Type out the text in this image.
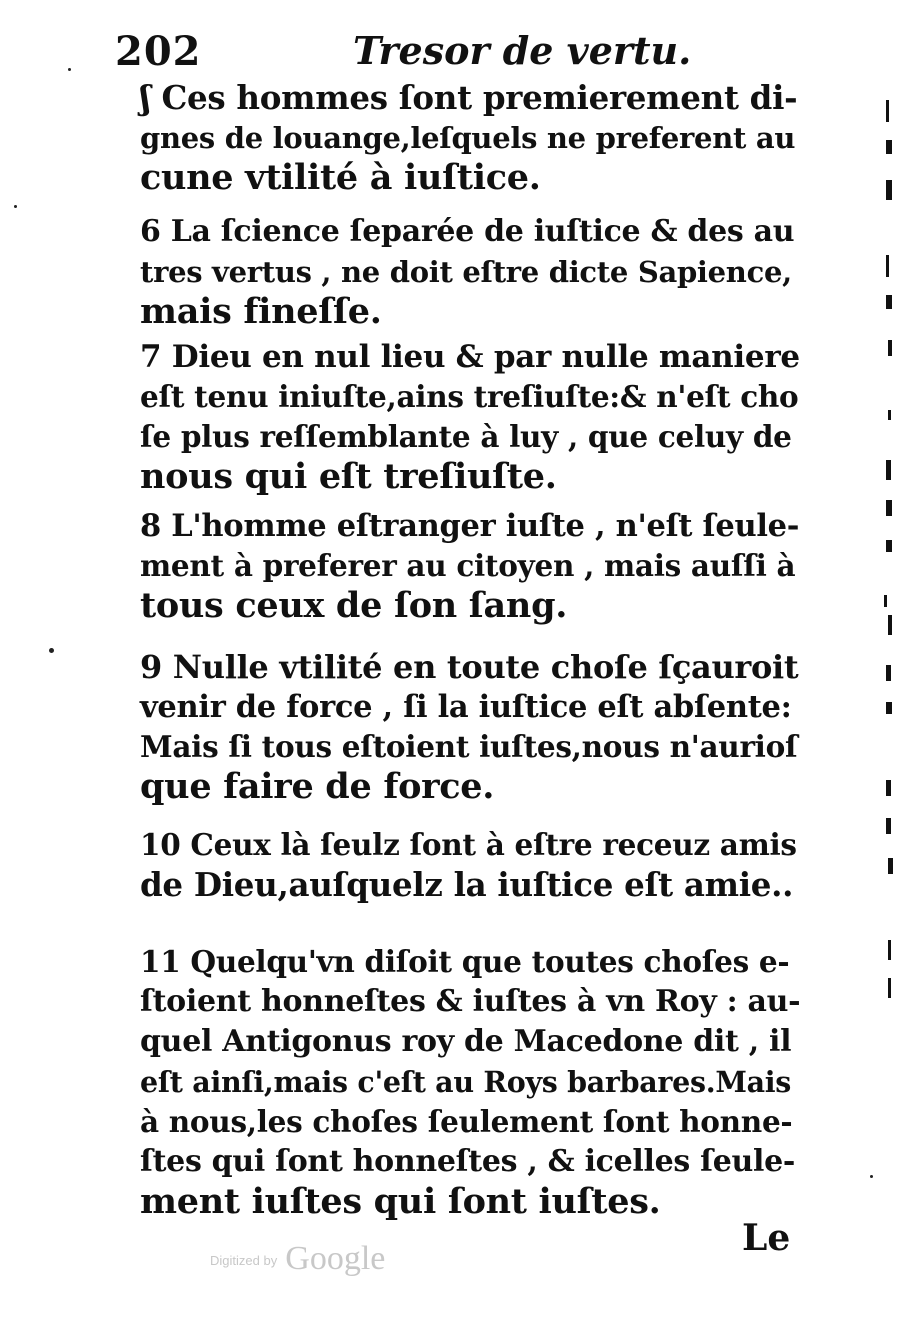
202	Tresor de vertu.
ʃ Ces hommes ſont premierement di-
gnes de louange,leſquels ne preferent au
cune vtilité à iuſtice.
6 La ſcience ſeparée de iuſtice & des au
tres vertus , ne doit eſtre dicte Sapience,
mais fineſſe.
7 Dieu en nul lieu & par nulle maniere
eſt tenu iniuſte,ains treſiuſte:& n'eſt cho
ſe plus reſſemblante à luy , que celuy de
nous qui eſt treſiuſte.
8 L'homme eſtranger iuſte , n'eſt ſeule-
ment à preferer au citoyen , mais auſſi à
tous ceux de ſon ſang.
9 Nulle vtilité en toute choſe ſçauroit
venir de force , ſi la iuſtice eſt abſente:
Mais ſi tous eſtoient iuſtes,nous n'aurioſ
que faire de force.
10 Ceux là ſeulz ſont à eſtre receuz amis
de Dieu,auſquelz la iuſtice eſt amie..
11 Quelqu'vn diſoit que toutes choſes e-
ſtoient honneſtes & iuſtes à vn Roy : au-
quel Antigonus roy de Macedone dit , il
eſt ainſi,mais c'eſt au Roys barbares.Mais
à nous,les choſes ſeulement ſont honne-
ſtes qui ſont honneſtes , & icelles ſeule-
ment iuſtes qui ſont iuſtes.
Le
$^{Digitized by}$ Google
